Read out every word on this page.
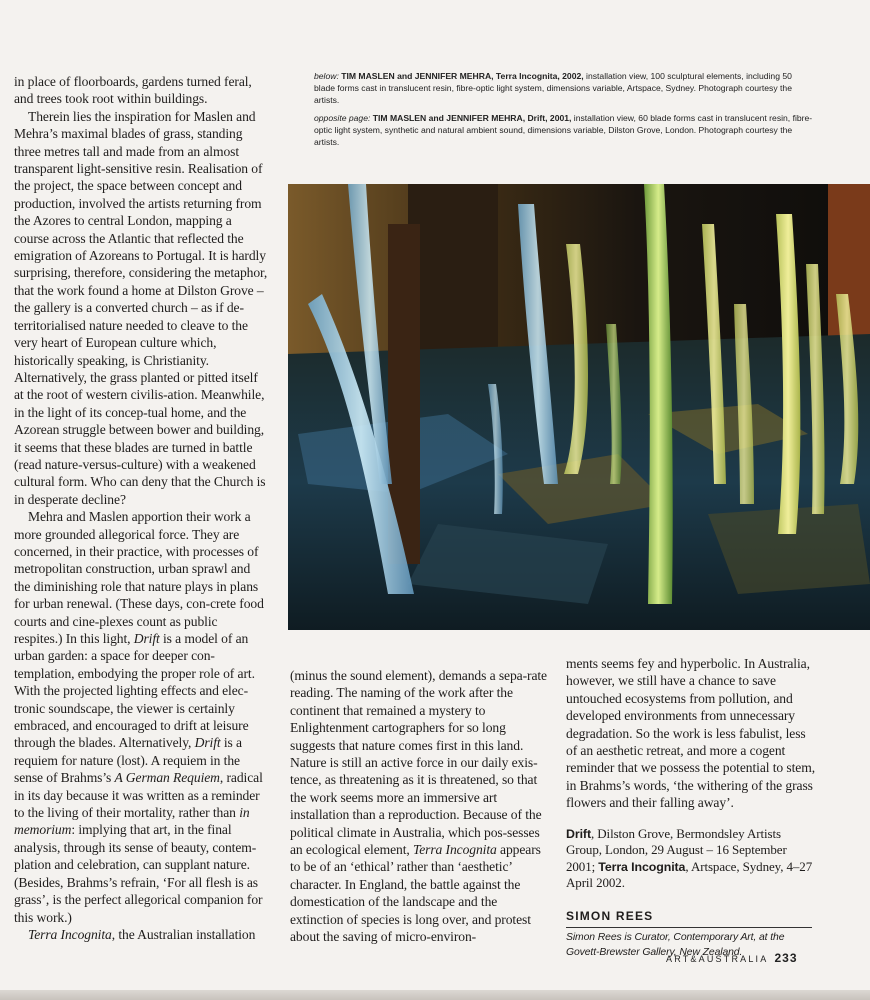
below: TIM MASLEN and JENNIFER MEHRA, Terra Incognita, 2002, installation view, 100 sculptural elements, including 50 blade forms cast in translucent resin, fibre-optic light system, dimensions variable, Artspace, Sydney. Photograph courtesy the artists.

opposite page: TIM MASLEN and JENNIFER MEHRA, Drift, 2001, installation view, 60 blade forms cast in translucent resin, fibre-optic light system, synthetic and natural ambient sound, dimensions variable, Dilston Grove, London. Photograph courtesy the artists.

in place of floorboards, gardens turned feral, and trees took root within buildings.

Therein lies the inspiration for Maslen and Mehra’s maximal blades of grass, standing three metres tall and made from an almost transparent light-sensitive resin. Realisation of the project, the space between concept and production, involved the artists returning from the Azores to central London, mapping a course across the Atlantic that reflected the emigration of Azoreans to Portugal. It is hardly surprising, therefore, considering the metaphor, that the work found a home at Dilston Grove – the gallery is a converted church – as if de-territorialised nature needed to cleave to the very heart of European culture which, historically speaking, is Christianity. Alternatively, the grass planted or pitted itself at the root of western civilis-ation. Meanwhile, in the light of its concep-tual home, and the Azorean struggle between bower and building, it seems that these blades are turned in battle (read nature-versus-culture) with a weakened cultural form. Who can deny that the Church is in desperate decline?

Mehra and Maslen apportion their work a more grounded allegorical force. They are concerned, in their practice, with processes of metropolitan construction, urban sprawl and the diminishing role that nature plays in plans for urban renewal. (These days, con-crete food courts and cine-plexes count as public respites.) In this light, Drift is a model of an urban garden: a space for deeper con-templation, embodying the proper role of art. With the projected lighting effects and elec-tronic soundscape, the viewer is certainly embraced, and encouraged to drift at leisure through the blades. Alternatively, Drift is a requiem for nature (lost). A requiem in the sense of Brahms’s A German Requiem, radical in its day because it was written as a reminder to the living of their mortality, rather than in memorium: implying that art, in the final analysis, through its sense of beauty, contem-plation and celebration, can supplant nature. (Besides, Brahms’s refrain, ‘For all flesh is as grass’, is the perfect allegorical companion for this work.)

Terra Incognita, the Australian installation

(minus the sound element), demands a sepa-rate reading. The naming of the work after the continent that remained a mystery to Enlightenment cartographers for so long suggests that nature comes first in this land. Nature is still an active force in our daily exis-tence, as threatening as it is threatened, so that the work seems more an immersive art installation than a reproduction. Because of the political climate in Australia, which pos-sesses an ecological element, Terra Incognita appears to be of an ‘ethical’ rather than ‘aesthetic’ character. In England, the battle against the domestication of the landscape and the extinction of species is long over, and protest about the saving of micro-environ-

ments seems fey and hyperbolic. In Australia, however, we still have a chance to save untouched ecosystems from pollution, and developed environments from unnecessary degradation. So the work is less fabulist, less of an aesthetic retreat, and more a cogent reminder that we possess the potential to stem, in Brahms’s words, ‘the withering of the grass flowers and their falling away’.

Drift, Dilston Grove, Bermondsley Artists Group, London, 29 August – 16 September 2001; Terra Incognita, Artspace, Sydney, 4–27 April 2002.

SIMON REES
Simon Rees is Curator, Contemporary Art, at the Govett-Brewster Gallery, New Zealand.
ART&AUSTRALIA 233
